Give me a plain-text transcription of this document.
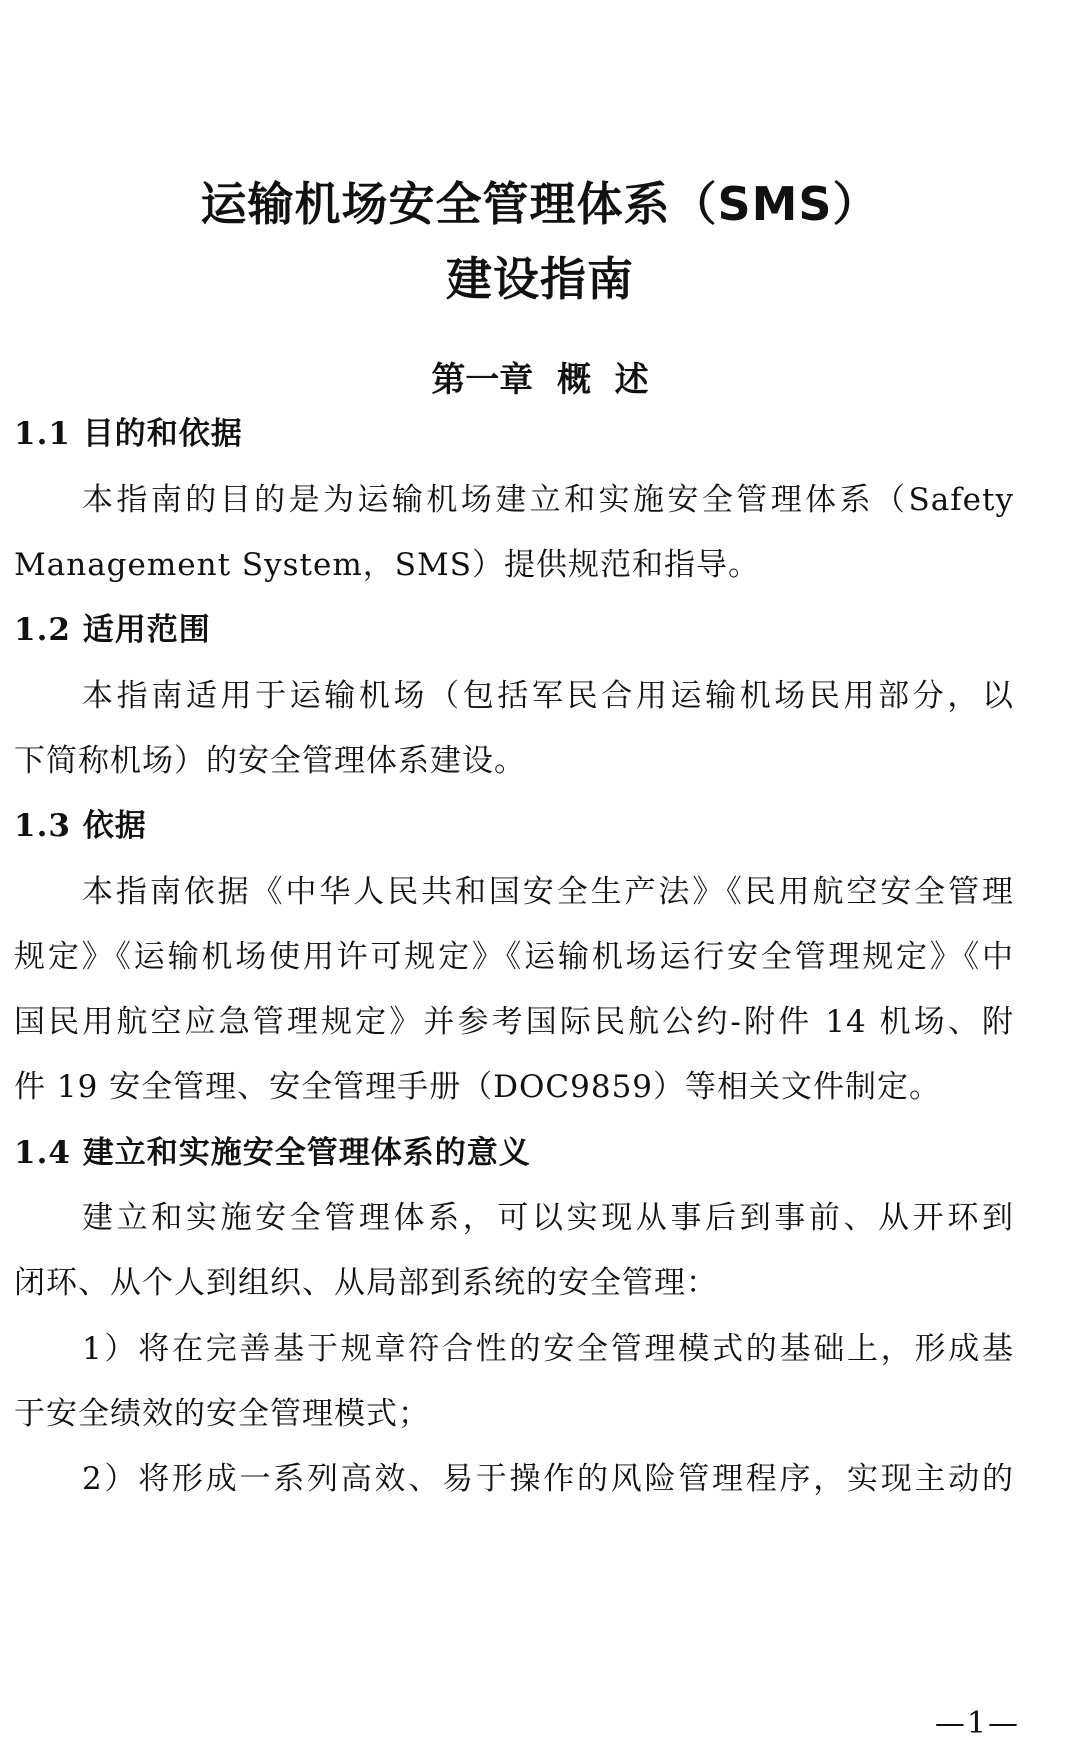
运输机场安全管理体系（SMS）
建设指南
第一章  概  述
1.1 目的和依据
本指南的目的是为运输机场建立和实施安全管理体系（Safety
Management System，SMS）提供规范和指导。
1.2 适用范围
本指南适用于运输机场（包括军民合用运输机场民用部分，以
下简称机场）的安全管理体系建设。
1.3 依据
本指南依据《中华人民共和国安全生产法》《民用航空安全管理
规定》《运输机场使用许可规定》《运输机场运行安全管理规定》《中
国民用航空应急管理规定》并参考国际民航公约-附件 14 机场、附
件 19 安全管理、安全管理手册（DOC9859）等相关文件制定。
1.4 建立和实施安全管理体系的意义
建立和实施安全管理体系，可以实现从事后到事前、从开环到
闭环、从个人到组织、从局部到系统的安全管理：
1）将在完善基于规章符合性的安全管理模式的基础上，形成基
于安全绩效的安全管理模式；
2）将形成一系列高效、易于操作的风险管理程序，实现主动的
—1—
